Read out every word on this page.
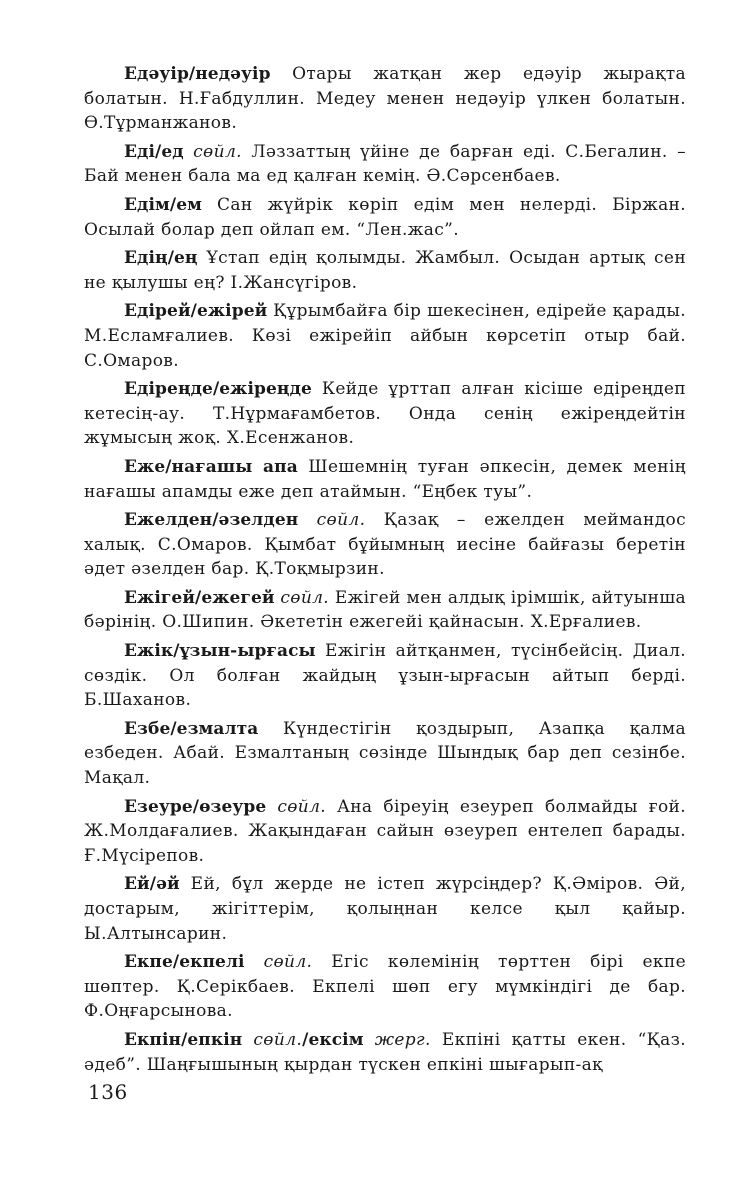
Едәуір/недәуір Отары жатқан жер едәуір жырақта болатын. Н.Ғабдуллин. Медеу менен недәуір үлкен болатын. Ө.Тұрманжанов.

Еді/ед сөйл. Ләззаттың үйіне де барған еді. С.Бегалин. – Бай менен бала ма ед қалған кемің. Ә.Сәрсенбаев.

Едім/ем Сан жүйрік көріп едім мен нелерді. Біржан. Осылай болар деп ойлап ем. “Лен.жас”.

Едің/ең Ұстап едің қолымды. Жамбыл. Осыдан артық сен не қылушы ең? І.Жансүгіров.

Едірей/ежірей Құрымбайға бір шекесінен, едірейе қарады. М.Есламғалиев. Көзі ежірейіп айбын көрсетіп отыр бай. С.Омаров.

Едіреңде/ежіреңде Кейде ұрттап алған кісіше едіреңдеп кетесің-ау. Т.Нұрмағамбетов. Онда сенің ежіреңдейтін жұмысың жоқ. Х.Есенжанов.

Еже/нағашы апа Шешемнің туған әпкесін, демек менің нағашы апамды еже деп атаймын. “Еңбек туы”.

Ежелден/әзелден сөйл. Қазақ – ежелден меймандос халық. С.Омаров. Қымбат бұйымның иесіне байғазы беретін әдет әзелден бар. Қ.Тоқмырзин.

Ежігей/ежегей сөйл. Ежігей мен алдық ірімшік, айтуынша бәрінің. О.Шипин. Әкететін ежегейі қайнасын. Х.Ерғалиев.

Ежік/ұзын-ырғасы Ежігін айтқанмен, түсінбейсің. Диал. сөздік. Ол болған жайдың ұзын-ырғасын айтып берді. Б.Шаханов.

Езбе/езмалта Күндестігін қоздырып, Азапқа қалма езбеден. Абай. Езмалтаның сөзінде Шындық бар деп сезінбе. Мақал.

Езеуре/өзеуре сөйл. Ана біреуің езеуреп болмайды ғой. Ж.Молдағалиев. Жақындаған сайын өзеуреп ентелеп барады. Ғ.Мүсірепов.

Ей/әй Ей, бұл жерде не істеп жүрсіңдер? Қ.Әміров. Әй, достарым, жігіттерім, қолыңнан келсе қыл қайыр. Ы.Алтынсарин.

Екпе/екпелі сөйл. Егіс көлемінің төрттен бірі екпе шөптер. Қ.Серікбаев. Екпелі шөп егу мүмкіндігі де бар. Ф.Оңғарсынова.

Екпін/епкін сөйл./ексім жерг. Екпіні қатты екен. “Қаз. әдеб”. Шаңғышының қырдан түскен епкіні шығарып-ақ

136
